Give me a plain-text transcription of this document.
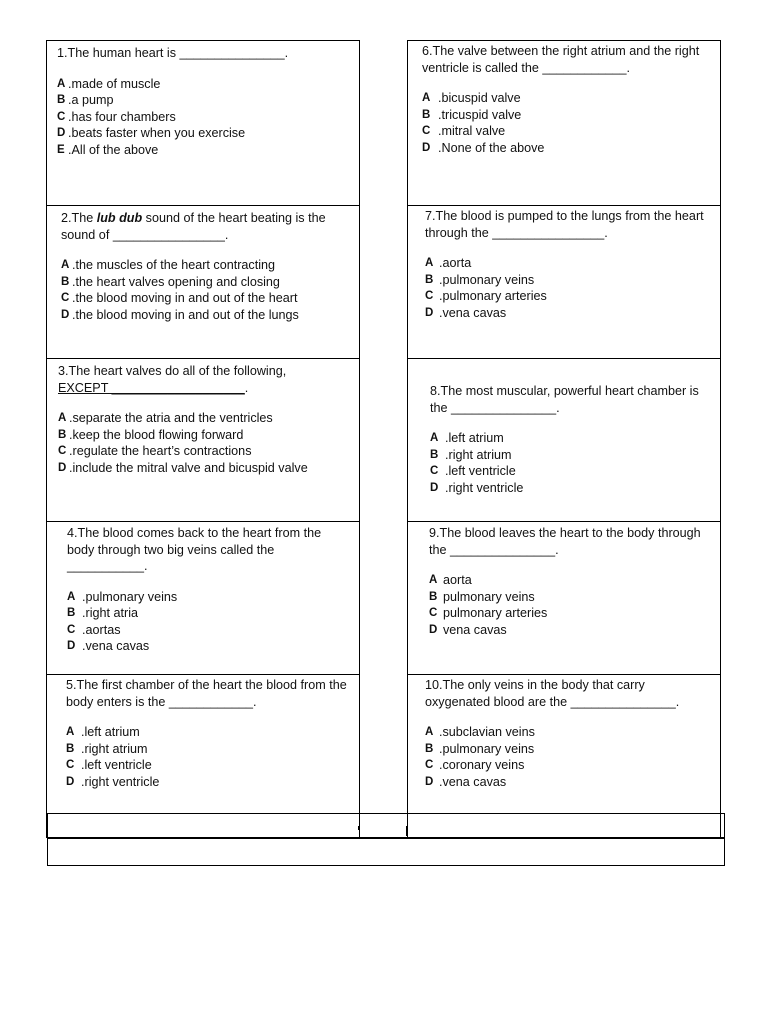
1.The human heart is _______________.

A .made of muscle
B .a pump
C .has four chambers
D .beats faster when you exercise
E .All of the above

2.The lub dub sound of the heart beating is the sound of ________________.

A .the muscles of the heart contracting
B .the heart valves opening and closing
C .the blood moving in and out of the heart
D .the blood moving in and out of the lungs

3.The heart valves do all of the following,
EXCEPT ___________________.

A .separate the atria and the ventricles
B .keep the blood flowing forward
C .regulate the heart’s contractions
D .include the mitral valve and bicuspid valve

4.The blood comes back to the heart from the body through two big veins called the ___________.

A .pulmonary veins
B .right atria
C .aortas
D .vena cavas

5.The first chamber of the heart the blood from the body enters is the ____________.

A .left atrium
B .right atrium
C .left ventricle
D .right ventricle

6.The valve between the right atrium and the right ventricle is called the ____________.

A .bicuspid valve
B .tricuspid valve
C .mitral valve
D .None of the above

7.The blood is pumped to the lungs from the heart through the ________________.

A .aorta
B .pulmonary veins
C .pulmonary arteries
D .vena cavas

8.The most muscular, powerful heart chamber is the _______________.

A .left atrium
B .right atrium
C .left ventricle
D .right ventricle

9.The blood leaves the heart to the body through the _______________.

A aorta
B pulmonary veins
C pulmonary arteries
D vena cavas

10.The only veins in the body that carry oxygenated blood are the _______________.

A .subclavian veins
B .pulmonary veins
C .coronary veins
D .vena cavas
